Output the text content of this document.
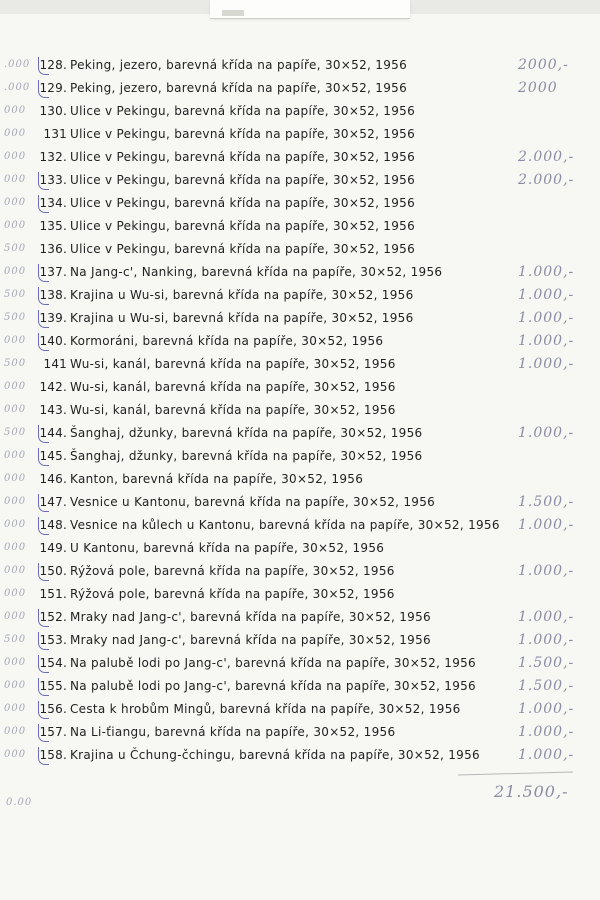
.000 128. Peking, jezero, barevná křída na papíře, 30×52, 1956	2000,-
.000 129. Peking, jezero, barevná křída na papíře, 30×52, 1956	2000
000 130. Ulice v Pekingu, barevná křída na papíře, 30×52, 1956
000 131 Ulice v Pekingu, barevná křída na papíře, 30×52, 1956
000 132. Ulice v Pekingu, barevná křída na papíře, 30×52, 1956	2.000,-
000 133. Ulice v Pekingu, barevná křída na papíře, 30×52, 1956	2.000,-
000 134. Ulice v Pekingu, barevná křída na papíře, 30×52, 1956
000 135. Ulice v Pekingu, barevná křída na papíře, 30×52, 1956
500 136. Ulice v Pekingu, barevná křída na papíře, 30×52, 1956
000 137. Na Jang-c', Nanking, barevná křída na papíře, 30×52, 1956	1.000,-
500 138. Krajina u Wu-si, barevná křída na papíře, 30×52, 1956	1.000,-
500 139. Krajina u Wu-si, barevná křída na papíře, 30×52, 1956	1.000,-
000 140. Kormoráni, barevná křída na papíře, 30×52, 1956	1.000,-
500 141 Wu-si, kanál, barevná křída na papíře, 30×52, 1956	1.000,-
000 142. Wu-si, kanál, barevná křída na papíře, 30×52, 1956
000 143. Wu-si, kanál, barevná křída na papíře, 30×52, 1956
500 144. Šanghaj, džunky, barevná křída na papíře, 30×52, 1956	1.000,-
000 145. Šanghaj, džunky, barevná křída na papíře, 30×52, 1956
000 146. Kanton, barevná křída na papíře, 30×52, 1956
000 147. Vesnice u Kantonu, barevná křída na papíře, 30×52, 1956	1.500,-
000 148. Vesnice na kůlech u Kantonu, barevná křída na papíře, 30×52, 1956 1.000,-
000 149. U Kantonu, barevná křída na papíře, 30×52, 1956
000 150. Rýžová pole, barevná křída na papíře, 30×52, 1956	1.000,-
000 151. Rýžová pole, barevná křída na papíře, 30×52, 1956
000 152. Mraky nad Jang-c', barevná křída na papíře, 30×52, 1956	1.000,-
500 153. Mraky nad Jang-c', barevná křída na papíře, 30×52, 1956	1.000,-
000 154. Na palubě lodi po Jang-c', barevná křída na papíře, 30×52, 1956	1.500,-
000 155. Na palubě lodi po Jang-c', barevná křída na papíře, 30×52, 1956	1.500,-
000 156. Cesta k hrobům Mingů, barevná křída na papíře, 30×52, 1956	1.000,-
000 157. Na Li-ťiangu, barevná křída na papíře, 30×52, 1956	1.000,-
000 158. Krajina u Čchung-čchingu, barevná křída na papíře, 30×52, 1956	1.000,-
21.500,-
0.00
